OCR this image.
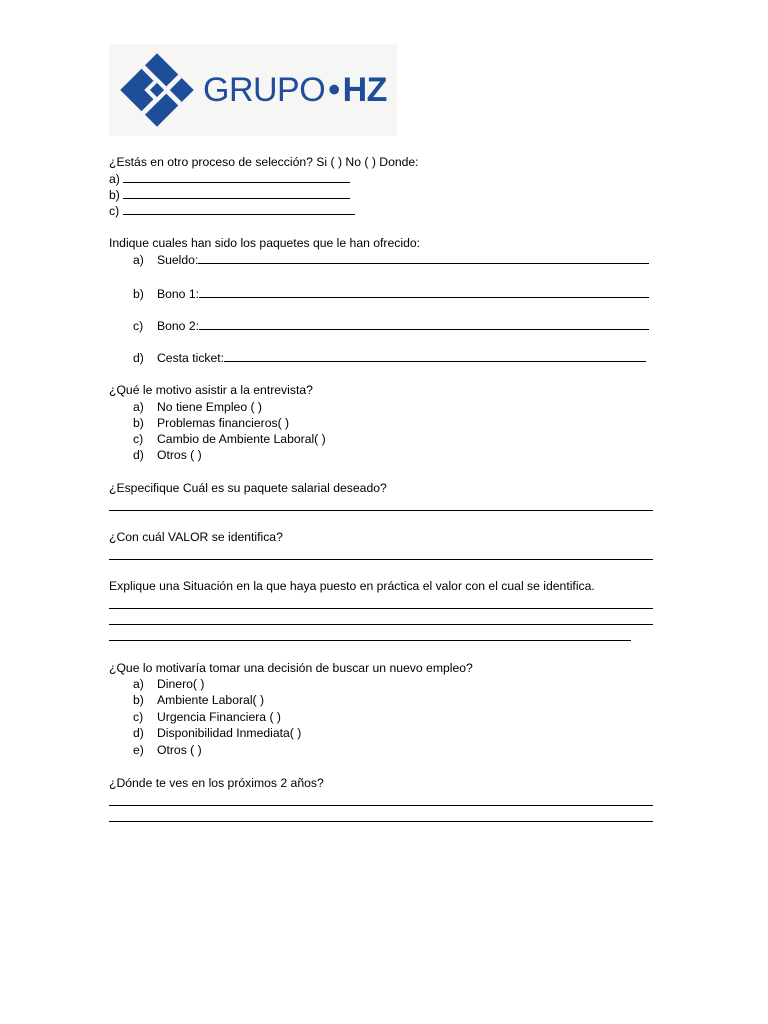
GRUPO•HZ
¿Estás en otro proceso de selección? Si ( ) No ( ) Donde:
a)
b)
c)
Indique cuales han sido los paquetes que le han ofrecido:
a) Sueldo:
b) Bono 1:
c) Bono 2:
d) Cesta ticket:
¿Qué le motivo asistir a la entrevista?
a) No tiene Empleo ( )
b) Problemas financieros( )
c) Cambio de Ambiente Laboral( )
d) Otros ( )
¿Especifique Cuál es su paquete salarial deseado?
¿Con cuál VALOR se identifica?
Explique una Situación en la que haya puesto en práctica el valor con el cual se identifica.
¿Que lo motivaría tomar una decisión de buscar un nuevo empleo?
a) Dinero( )
b) Ambiente Laboral( )
c) Urgencia Financiera ( )
d) Disponibilidad Inmediata( )
e) Otros ( )
¿Dónde te ves en los próximos 2 años?
